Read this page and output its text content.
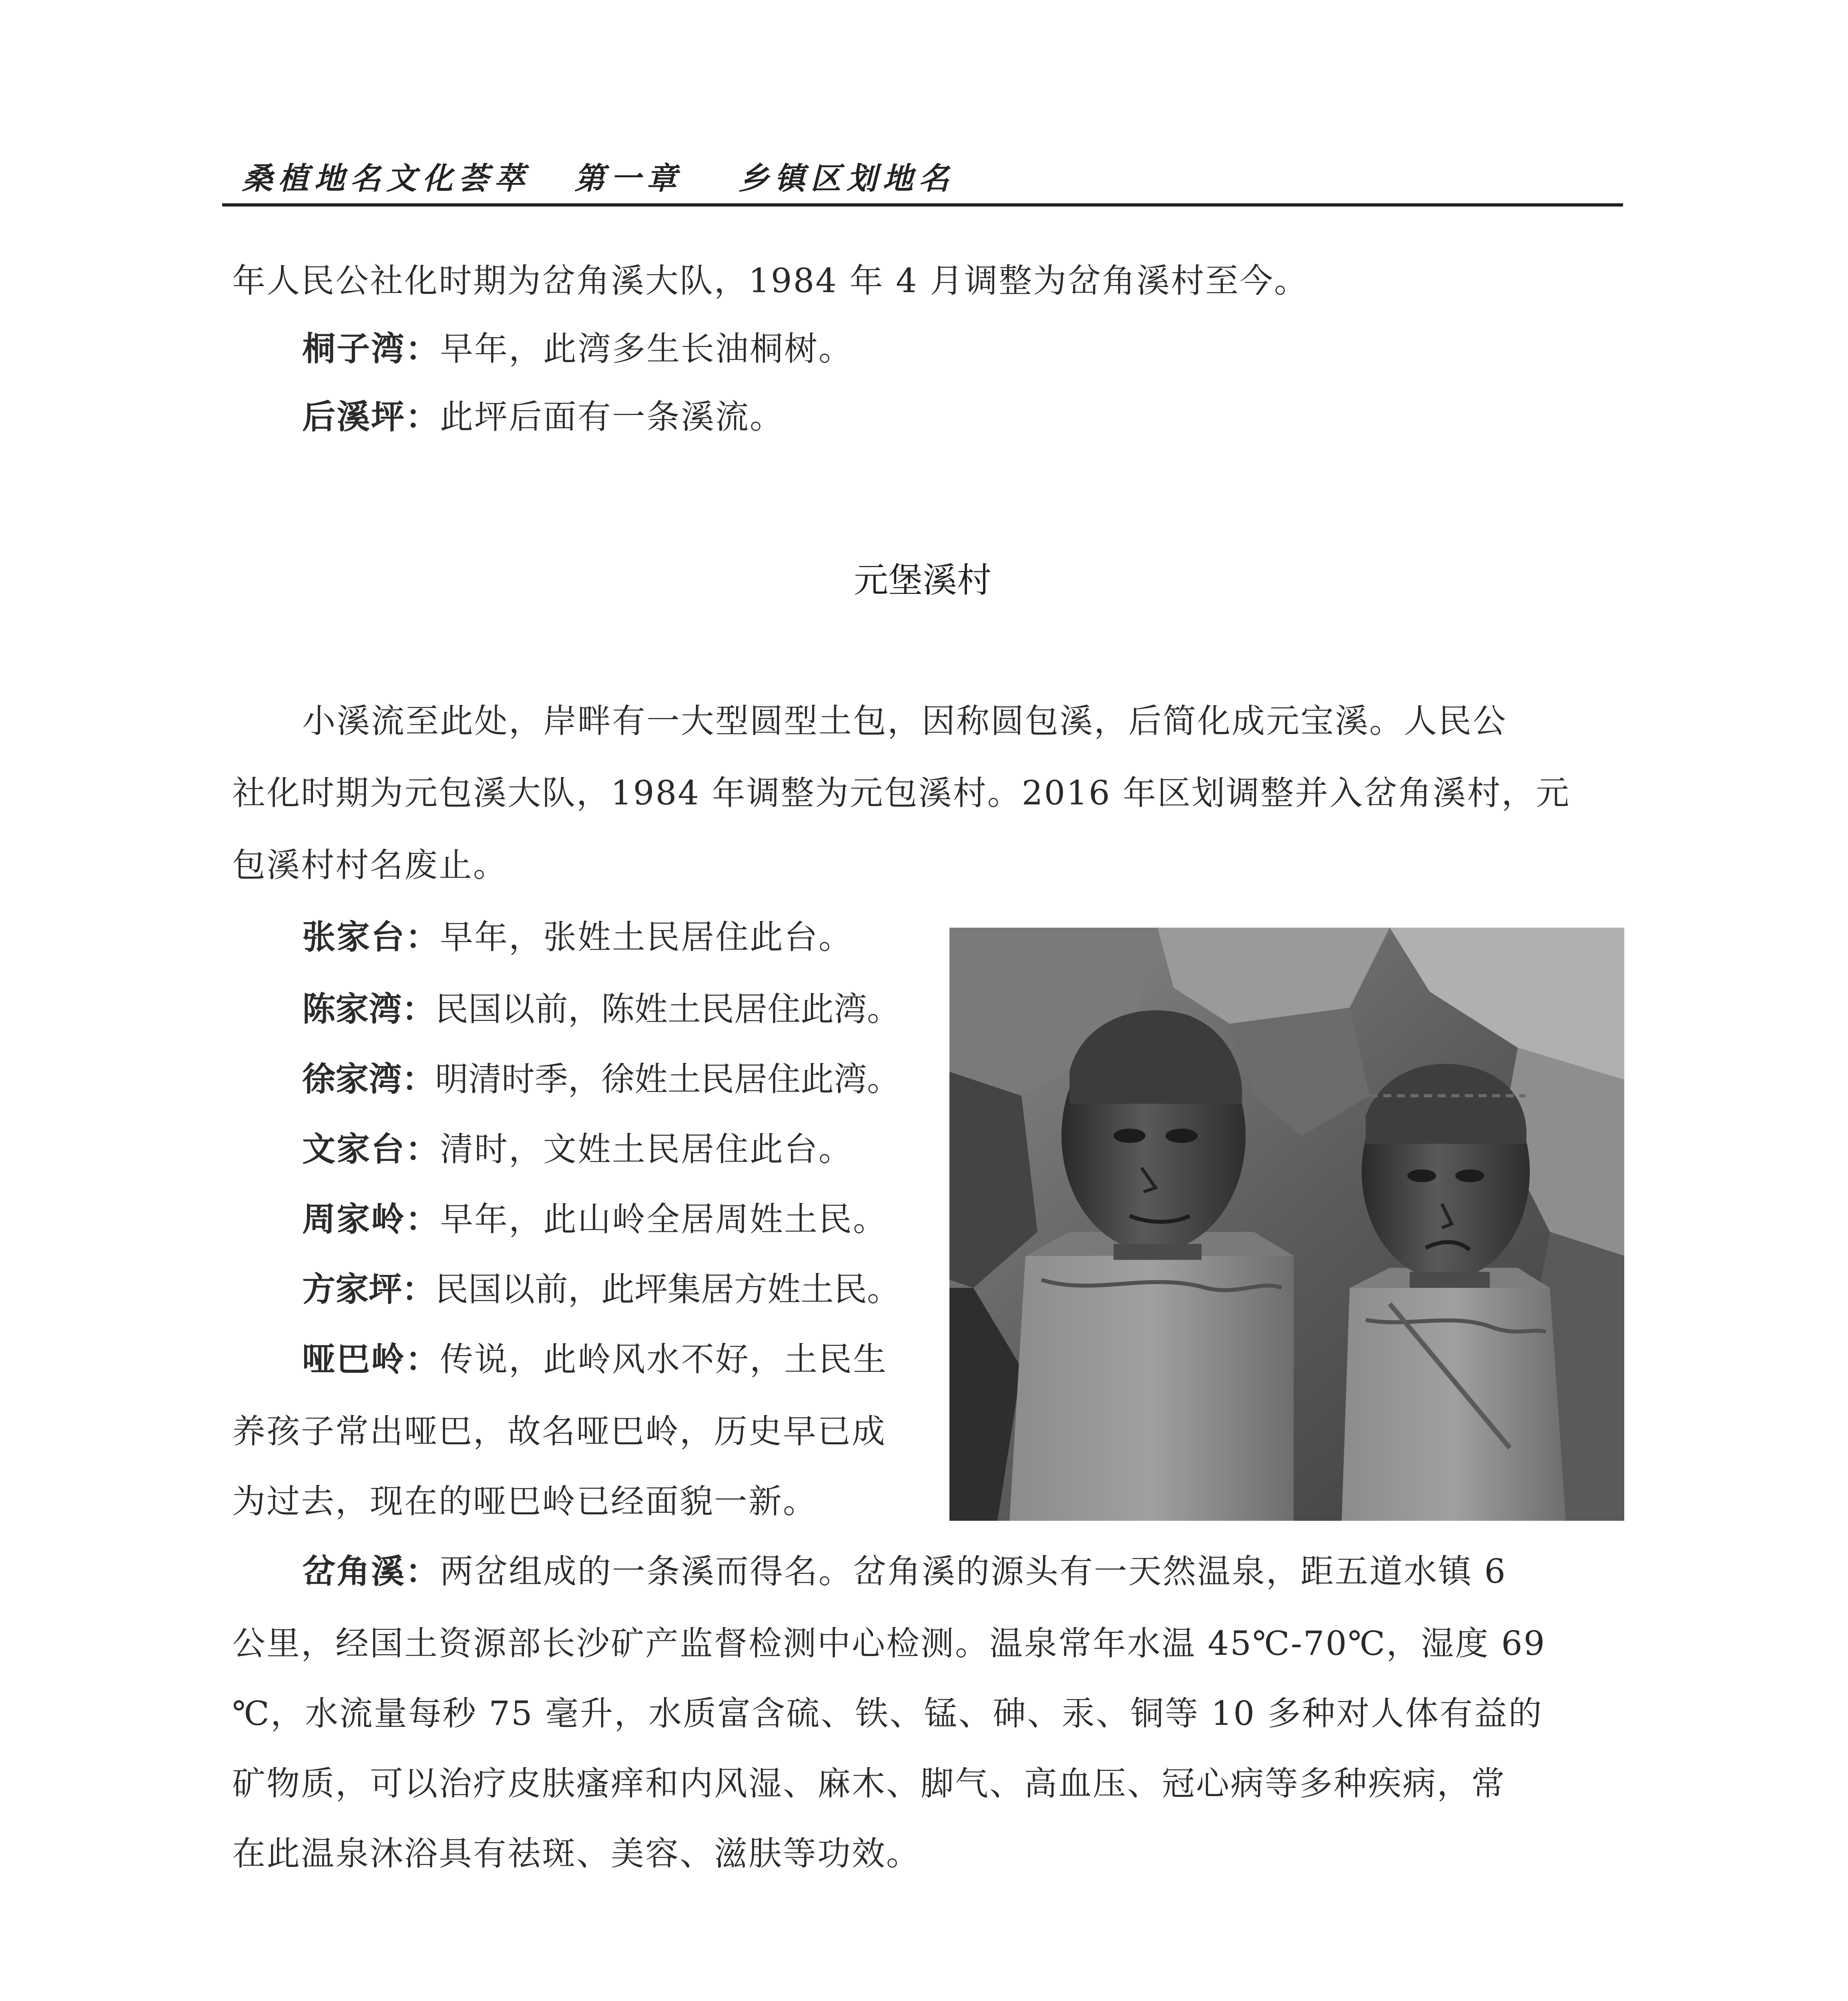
桑植地名文化荟萃 第一章 乡镇区划地名
年人民公社化时期为岔角溪大队，1984 年 4 月调整为岔角溪村至今。
桐子湾：早年，此湾多生长油桐树。
后溪坪：此坪后面有一条溪流。
元堡溪村
小溪流至此处，岸畔有一大型圆型土包，因称圆包溪，后简化成元宝溪。人民公
社化时期为元包溪大队，1984 年调整为元包溪村。2016 年区划调整并入岔角溪村，元
包溪村村名废止。
张家台：早年，张姓土民居住此台。
陈家湾：民国以前，陈姓土民居住此湾。
徐家湾：明清时季，徐姓土民居住此湾。
文家台：清时，文姓土民居住此台。
周家岭：早年，此山岭全居周姓土民。
方家坪：民国以前，此坪集居方姓土民。
哑巴岭：传说，此岭风水不好，土民生
养孩子常出哑巴，故名哑巴岭，历史早已成
为过去，现在的哑巴岭已经面貌一新。
岔角溪：两岔组成的一条溪而得名。岔角溪的源头有一天然温泉，距五道水镇 6
公里，经国土资源部长沙矿产监督检测中心检测。温泉常年水温 45℃-70℃，湿度 69
℃，水流量每秒 75 毫升，水质富含硫、铁、锰、砷、汞、铜等 10 多种对人体有益的
矿物质，可以治疗皮肤瘙痒和内风湿、麻木、脚气、高血压、冠心病等多种疾病，常
在此温泉沐浴具有祛斑、美容、滋肤等功效。
